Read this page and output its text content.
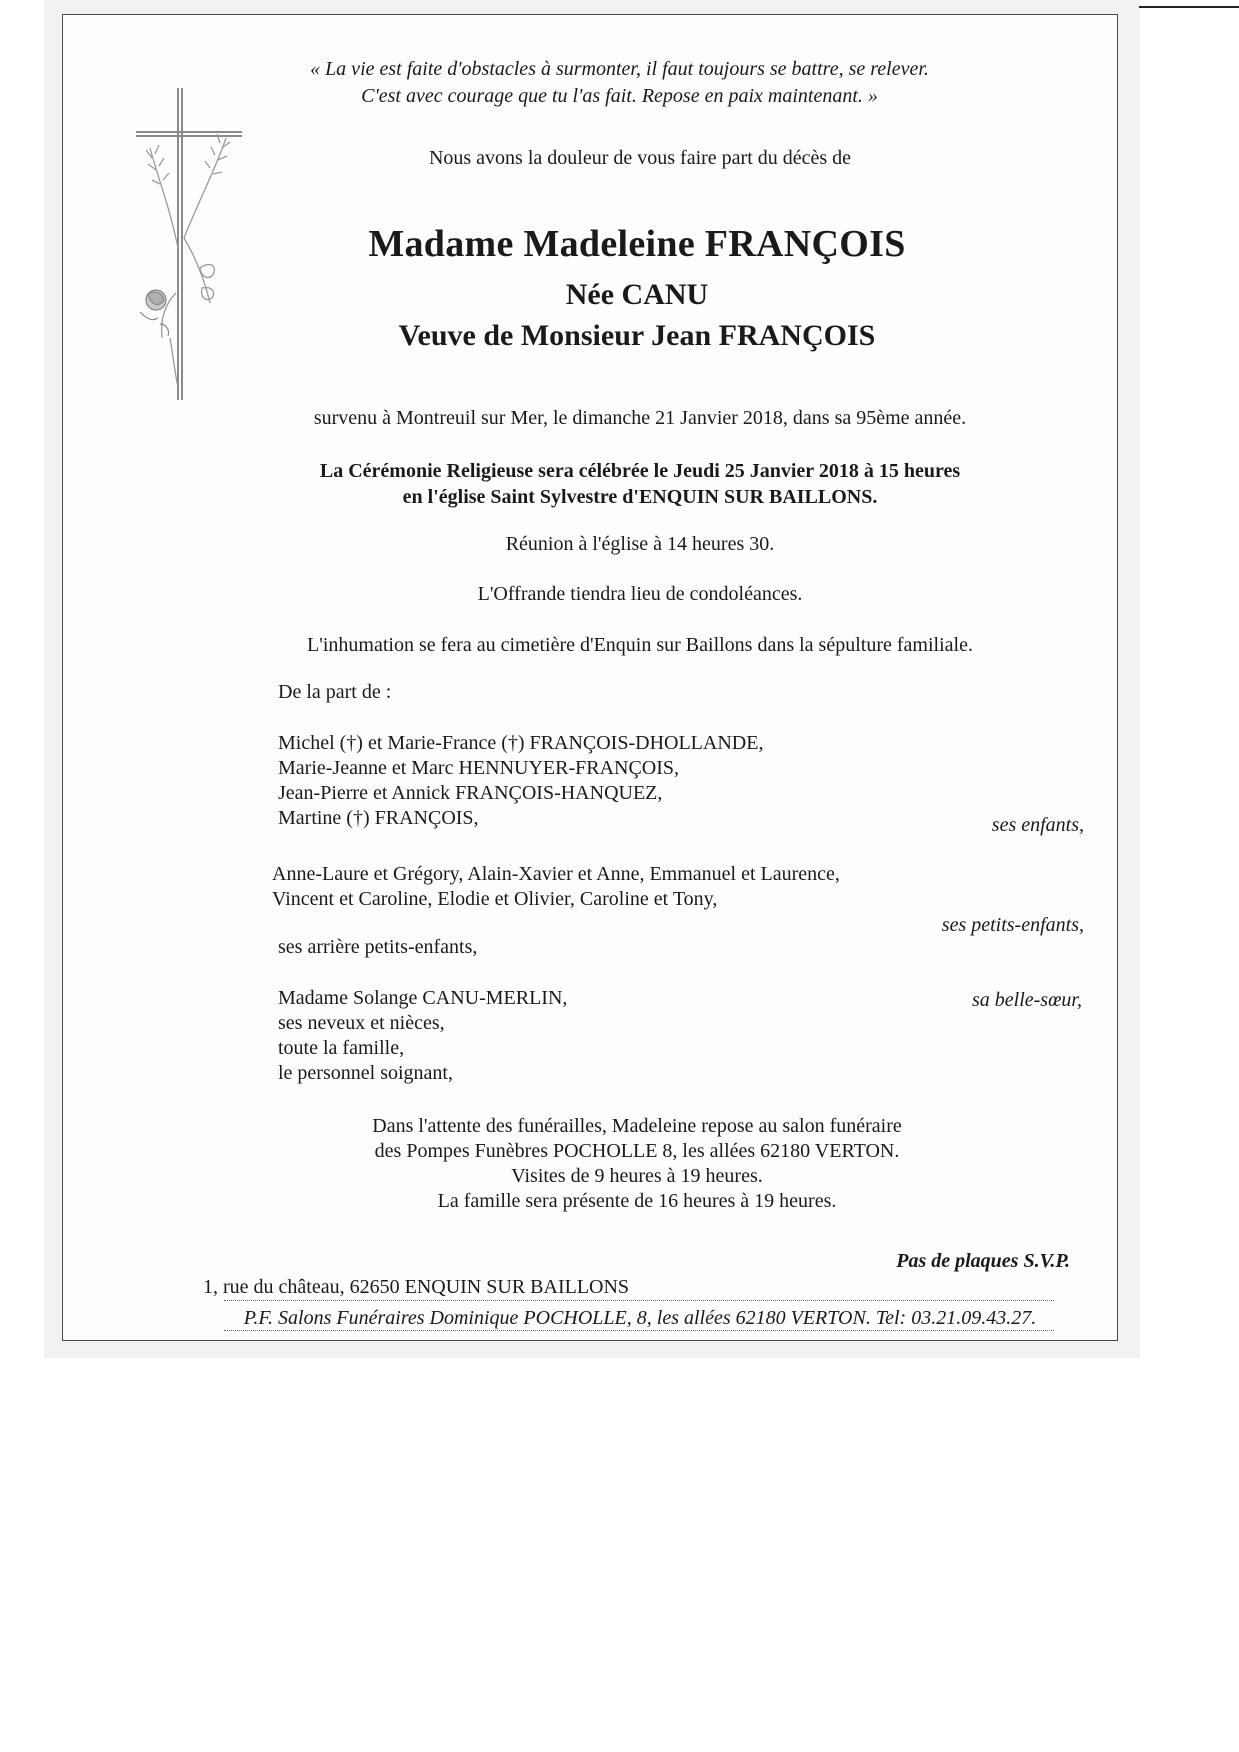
« La vie est faite d'obstacles à surmonter, il faut toujours se battre, se relever.
C'est avec courage que tu l'as fait. Repose en paix maintenant. »
Nous avons la douleur de vous faire part du décès de
Madame Madeleine FRANÇOIS
Née CANU
Veuve de Monsieur Jean FRANÇOIS
survenu à Montreuil sur Mer, le dimanche 21 Janvier 2018, dans sa 95ème année.
La Cérémonie Religieuse sera célébrée le Jeudi 25 Janvier 2018 à 15 heures
en l'église Saint Sylvestre d'ENQUIN SUR BAILLONS.
Réunion à l'église à 14 heures 30.
L'Offrande tiendra lieu de condoléances.
L'inhumation se fera au cimetière d'Enquin sur Baillons dans la sépulture familiale.
De la part de :
Michel (†) et Marie-France (†) FRANÇOIS-DHOLLANDE,
Marie-Jeanne et Marc HENNUYER-FRANÇOIS,
Jean-Pierre et Annick FRANÇOIS-HANQUEZ,
Martine (†) FRANÇOIS,	ses enfants,
Anne-Laure et Grégory, Alain-Xavier et Anne, Emmanuel et Laurence,
Vincent et Caroline, Elodie et Olivier, Caroline et Tony,
ses petits-enfants,
ses arrière petits-enfants,
Madame Solange CANU-MERLIN,	sa belle-sœur,
ses neveux et nièces,
toute la famille,
le personnel soignant,
Dans l'attente des funérailles, Madeleine repose au salon funéraire
des Pompes Funèbres POCHOLLE 8, les allées 62180 VERTON.
Visites de 9 heures à 19 heures.
La famille sera présente de 16 heures à 19 heures.
Pas de plaques S.V.P.
1, rue du château, 62650 ENQUIN SUR BAILLONS
P.F. Salons Funéraires Dominique POCHOLLE, 8, les allées 62180 VERTON. Tel: 03.21.09.43.27.
